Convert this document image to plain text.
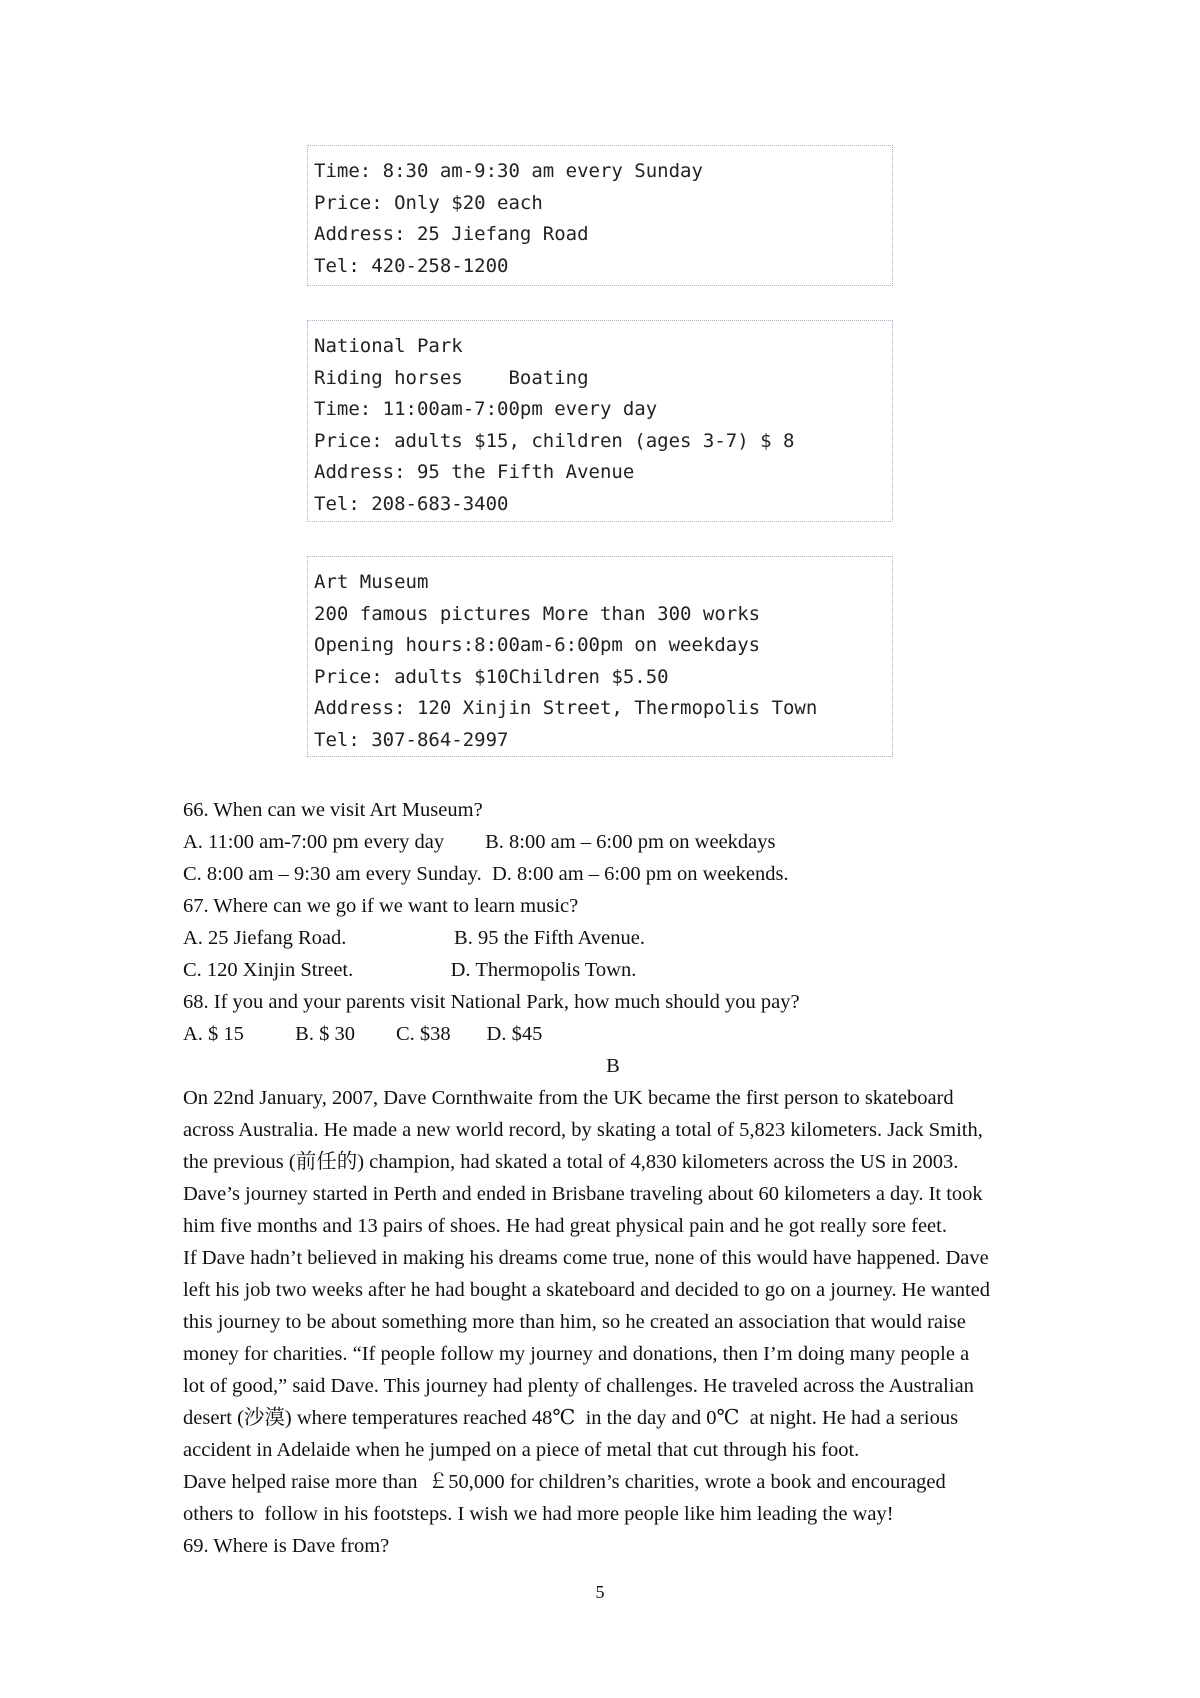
Time: 8:30 am-9:30 am every Sunday
Price: Only $20 each
Address: 25 Jiefang Road
Tel: 420-258-1200
National Park
Riding horses    Boating
Time: 11:00am-7:00pm every day
Price: adults $15, children (ages 3-7) $ 8
Address: 95 the Fifth Avenue
Tel: 208-683-3400
Art Museum
200 famous pictures More than 300 works
Opening hours:8:00am-6:00pm on weekdays
Price: adults $10Children $5.50
Address: 120 Xinjin Street, Thermopolis Town
Tel: 307-864-2997
66. When can we visit Art Museum?
A. 11:00 am-7:00 pm every day        B. 8:00 am – 6:00 pm on weekdays
C. 8:00 am – 9:30 am every Sunday.  D. 8:00 am – 6:00 pm on weekends.
67. Where can we go if we want to learn music?
A. 25 Jiefang Road.                     B. 95 the Fifth Avenue.
C. 120 Xinjin Street.                   D. Thermopolis Town.
68. If you and your parents visit National Park, how much should you pay?
A. $ 15          B. $ 30        C. $38       D. $45
B
On 22nd January, 2007, Dave Cornthwaite from the UK became the first person to skateboard
across Australia. He made a new world record, by skating a total of 5,823 kilometers. Jack Smith,
the previous (前任的) champion, had skated a total of 4,830 kilometers across the US in 2003.
Dave’s journey started in Perth and ended in Brisbane traveling about 60 kilometers a day. It took
him five months and 13 pairs of shoes. He had great physical pain and he got really sore feet.
If Dave hadn’t believed in making his dreams come true, none of this would have happened. Dave
left his job two weeks after he had bought a skateboard and decided to go on a journey. He wanted
this journey to be about something more than him, so he created an association that would raise
money for charities. “If people follow my journey and donations, then I’m doing many people a
lot of good,” said Dave. This journey had plenty of challenges. He traveled across the Australian
desert (沙漠) where temperatures reached 48℃  in the day and 0℃  at night. He had a serious
accident in Adelaide when he jumped on a piece of metal that cut through his foot.
Dave helped raise more than  ￡50,000 for children’s charities, wrote a book and encouraged
others to  follow in his footsteps. I wish we had more people like him leading the way!
69. Where is Dave from?
5
